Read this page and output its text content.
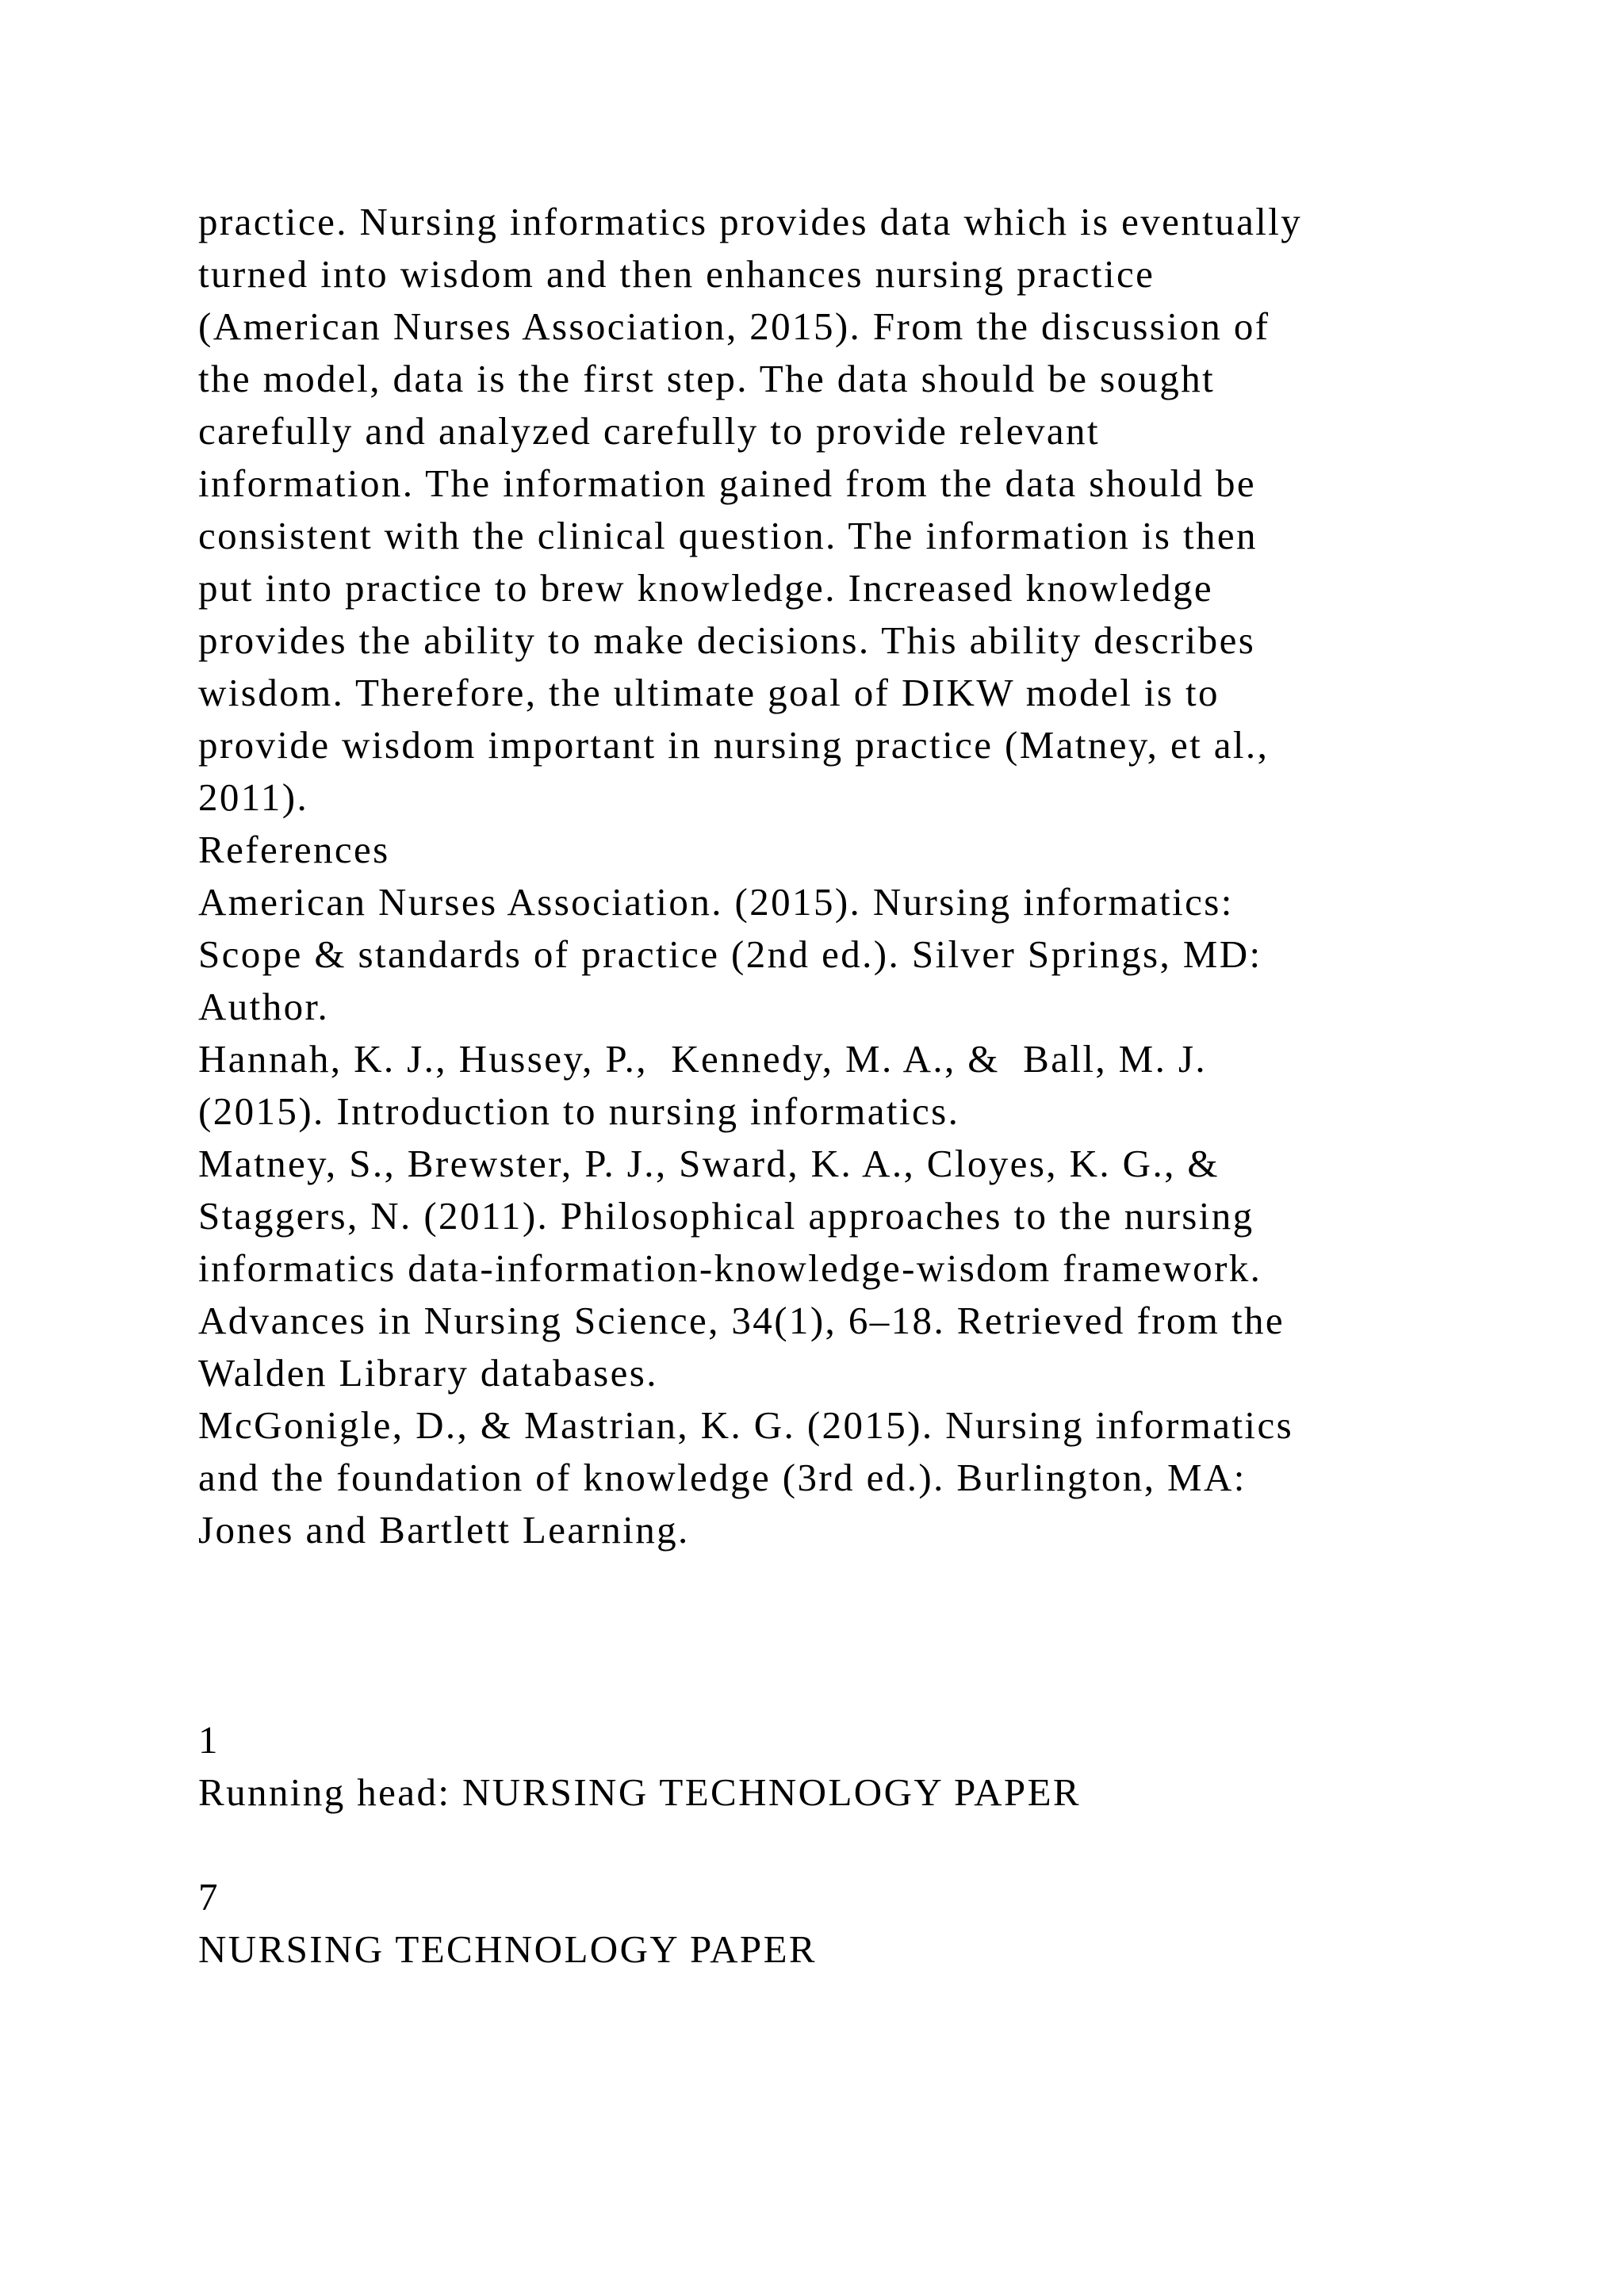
practice. Nursing informatics provides data which is eventually
turned into wisdom and then enhances nursing practice
(American Nurses Association, 2015). From the discussion of
the model, data is the first step. The data should be sought
carefully and analyzed carefully to provide relevant
information. The information gained from the data should be
consistent with the clinical question. The information is then
put into practice to brew knowledge. Increased knowledge
provides the ability to make decisions. This ability describes
wisdom. Therefore, the ultimate goal of DIKW model is to
provide wisdom important in nursing practice (Matney, et al.,
2011).
References
American Nurses Association. (2015). Nursing informatics:
Scope & standards of practice (2nd ed.). Silver Springs, MD:
Author.
Hannah, K. J., Hussey, P.,  Kennedy, M. A., &  Ball, M. J.
(2015). Introduction to nursing informatics.
Matney, S., Brewster, P. J., Sward, K. A., Cloyes, K. G., &
Staggers, N. (2011). Philosophical approaches to the nursing
informatics data-information-knowledge-wisdom framework.
Advances in Nursing Science, 34(1), 6–18. Retrieved from the
Walden Library databases.
McGonigle, D., & Mastrian, K. G. (2015). Nursing informatics
and the foundation of knowledge (3rd ed.). Burlington, MA:
Jones and Bartlett Learning.
1
Running head: NURSING TECHNOLOGY PAPER
7
NURSING TECHNOLOGY PAPER
